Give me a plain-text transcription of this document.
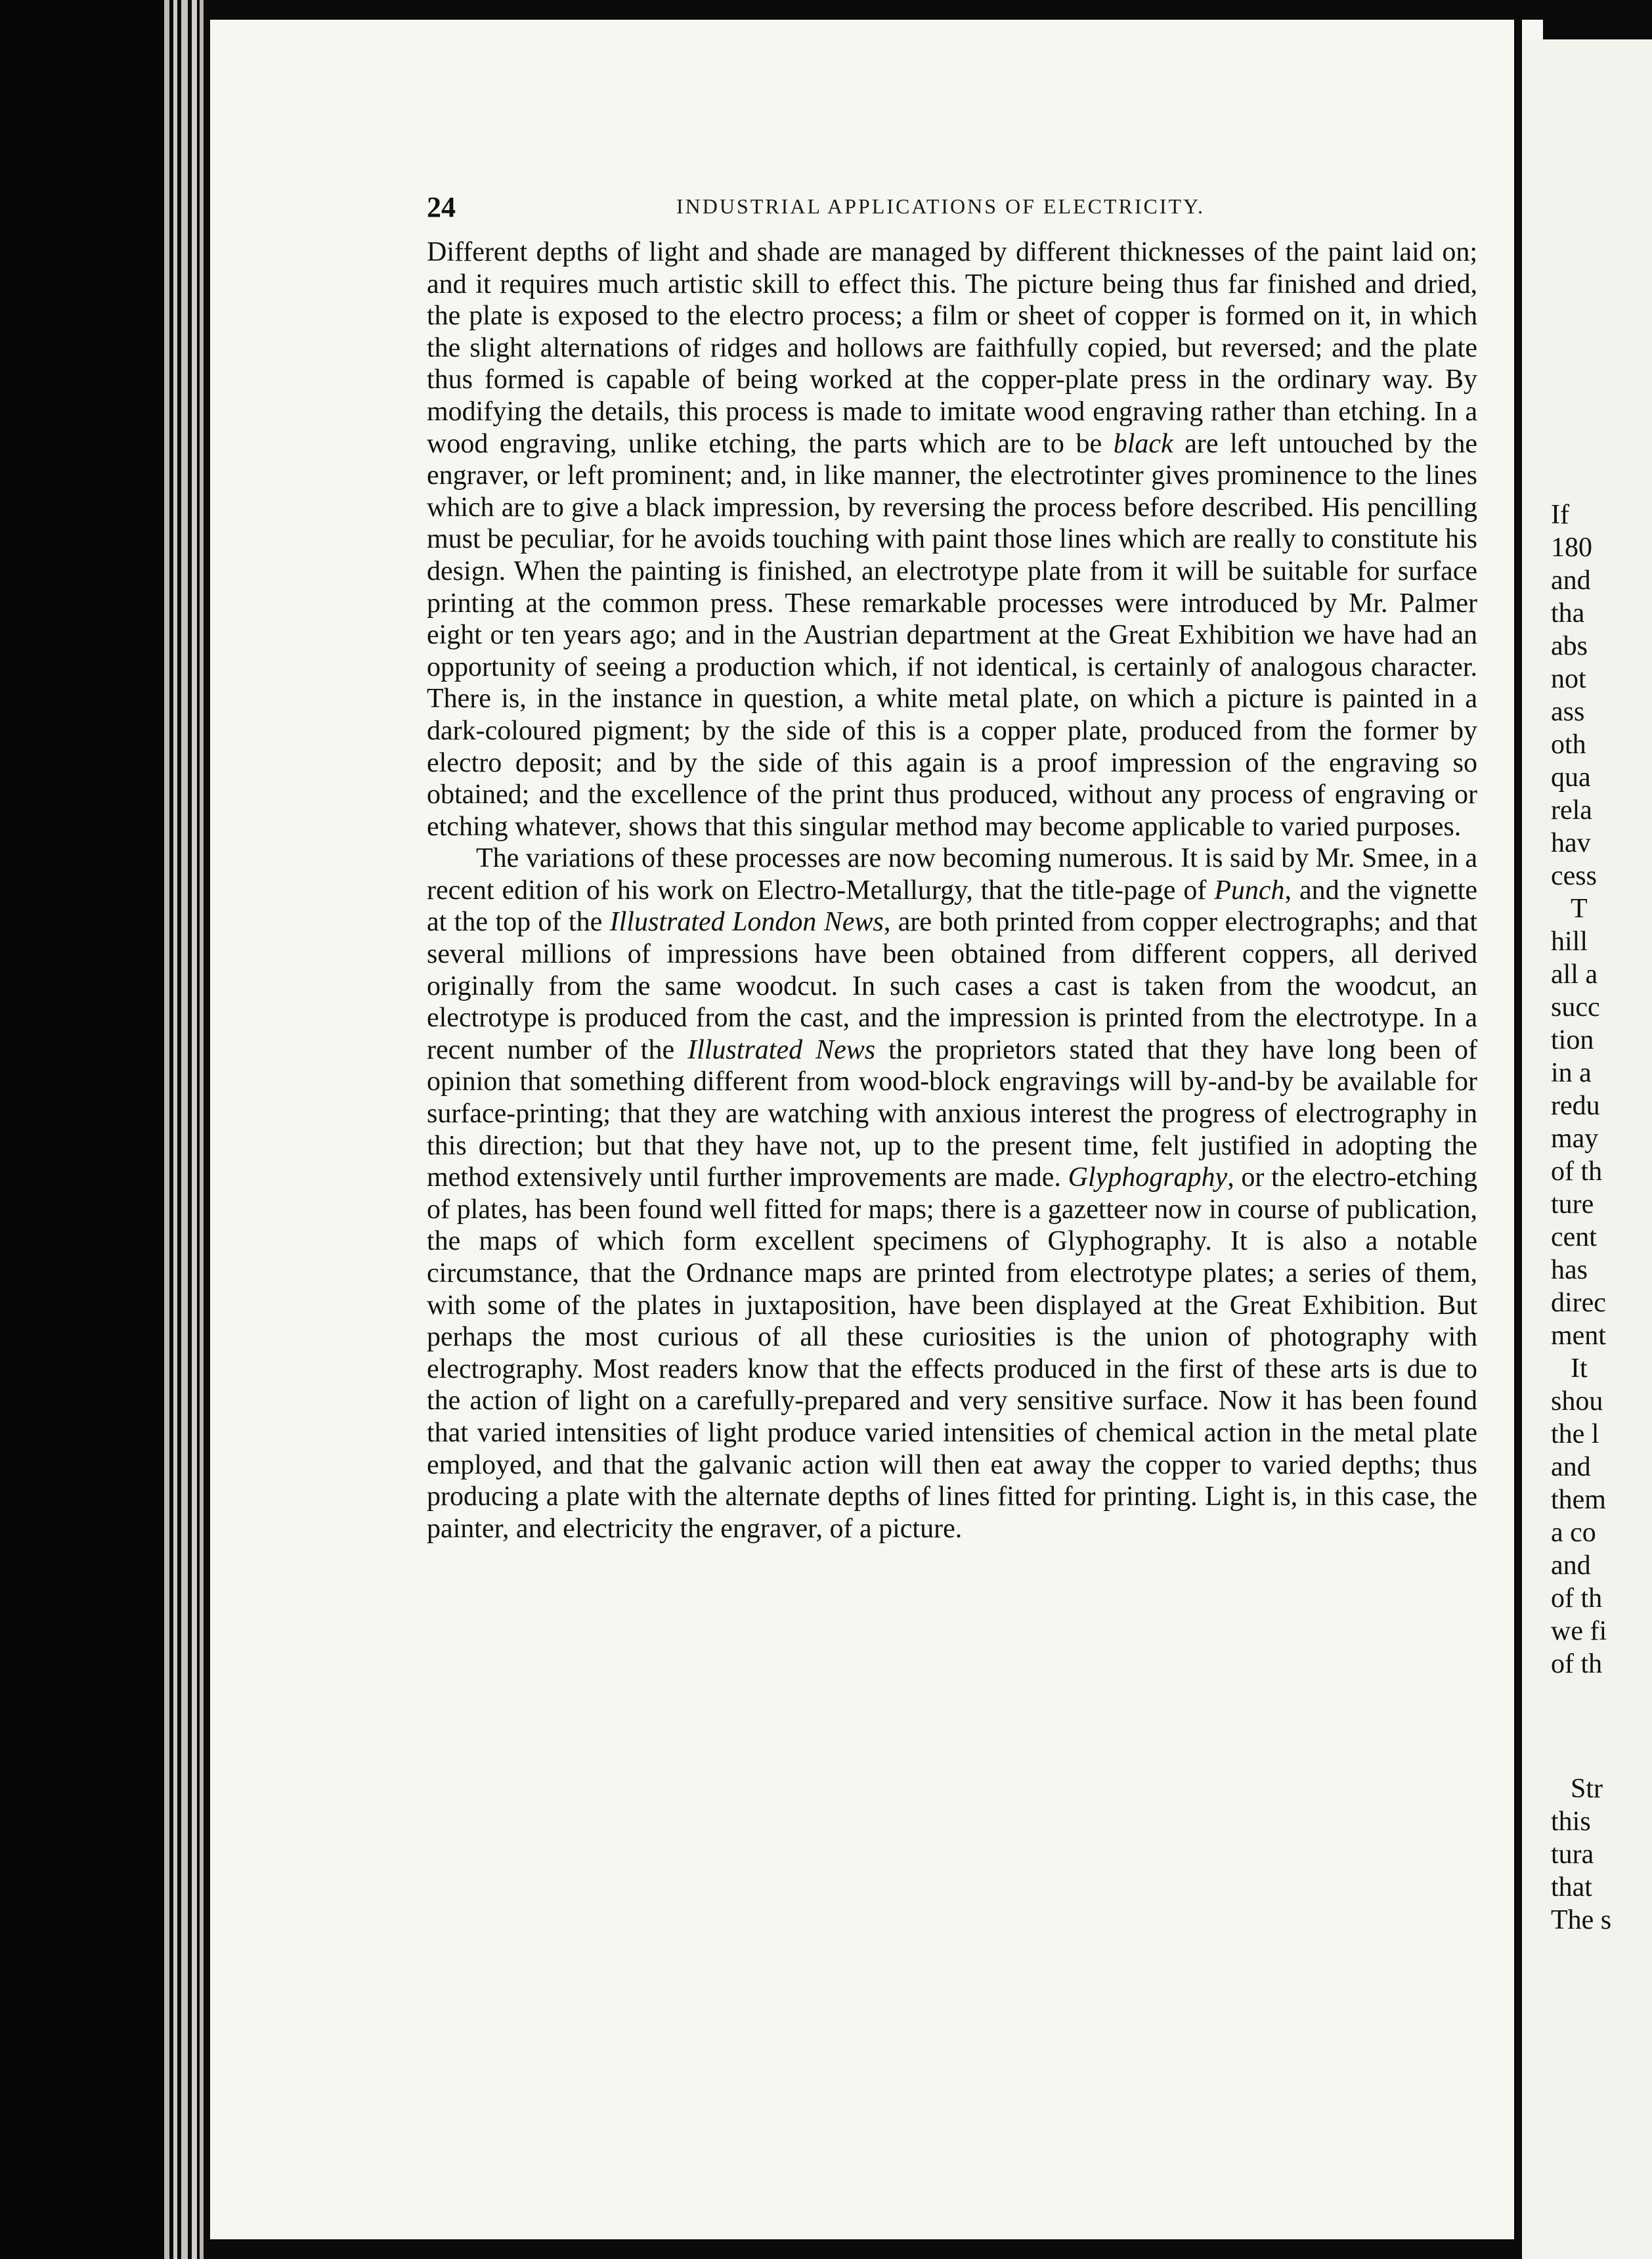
24	INDUSTRIAL APPLICATIONS OF ELECTRICITY.

Different depths of light and shade are managed by different thicknesses of the paint laid on; and it requires much artistic skill to effect this. The picture being thus far finished and dried, the plate is exposed to the electro process; a film or sheet of copper is formed on it, in which the slight alternations of ridges and hollows are faithfully copied, but reversed; and the plate thus formed is capable of being worked at the copper-plate press in the ordinary way. By modifying the details, this process is made to imitate wood engraving rather than etching. In a wood engraving, unlike etching, the parts which are to be black are left untouched by the engraver, or left prominent; and, in like manner, the electrotinter gives prominence to the lines which are to give a black impression, by reversing the process before described. His pencilling must be peculiar, for he avoids touching with paint those lines which are really to constitute his design. When the painting is finished, an electrotype plate from it will be suitable for surface printing at the common press. These remarkable processes were introduced by Mr. Palmer eight or ten years ago; and in the Austrian department at the Great Exhibition we have had an opportunity of seeing a production which, if not identical, is certainly of analogous character. There is, in the instance in question, a white metal plate, on which a picture is painted in a dark-coloured pigment; by the side of this is a copper plate, produced from the former by electro deposit; and by the side of this again is a proof impression of the engraving so obtained; and the excellence of the print thus produced, without any process of engraving or etching whatever, shows that this singular method may become applicable to varied purposes.

The variations of these processes are now becoming numerous. It is said by Mr. Smee, in a recent edition of his work on Electro-Metallurgy, that the title-page of Punch, and the vignette at the top of the Illustrated London News, are both printed from copper electrographs; and that several millions of impressions have been obtained from different coppers, all derived originally from the same woodcut. In such cases a cast is taken from the woodcut, an electrotype is produced from the cast, and the impression is printed from the electrotype. In a recent number of the Illustrated News the proprietors stated that they have long been of opinion that something different from wood-block engravings will by-and-by be available for surface-printing; that they are watching with anxious interest the progress of electrography in this direction; but that they have not, up to the present time, felt justified in adopting the method extensively until further improvements are made. Glyphography, or the electro-etching of plates, has been found well fitted for maps; there is a gazetteer now in course of publication, the maps of which form excellent specimens of Glyphography. It is also a notable circumstance, that the Ordnance maps are printed from electrotype plates; a series of them, with some of the plates in juxtaposition, have been displayed at the Great Exhibition. But perhaps the most curious of all these curiosities is the union of photography with electrography. Most readers know that the effects produced in the first of these arts is due to the action of light on a carefully-prepared and very sensitive surface. Now it has been found that varied intensities of light produce varied intensities of chemical action in the metal plate employed, and that the galvanic action will then eat away the copper to varied depths; thus producing a plate with the alternate depths of lines fitted for printing. Light is, in this case, the painter, and electricity the engraver, of a picture.

If
180
and
tha
abs
not
ass
oth
qua
rela
hav
cess
T
hill
all a
succ
tion
in a
redu
may
of th
ture
cent
has
direc
ment
It
shou
the l
and
them
a co
and
of th
we fi
of th
Str
this
tura
that
The s
